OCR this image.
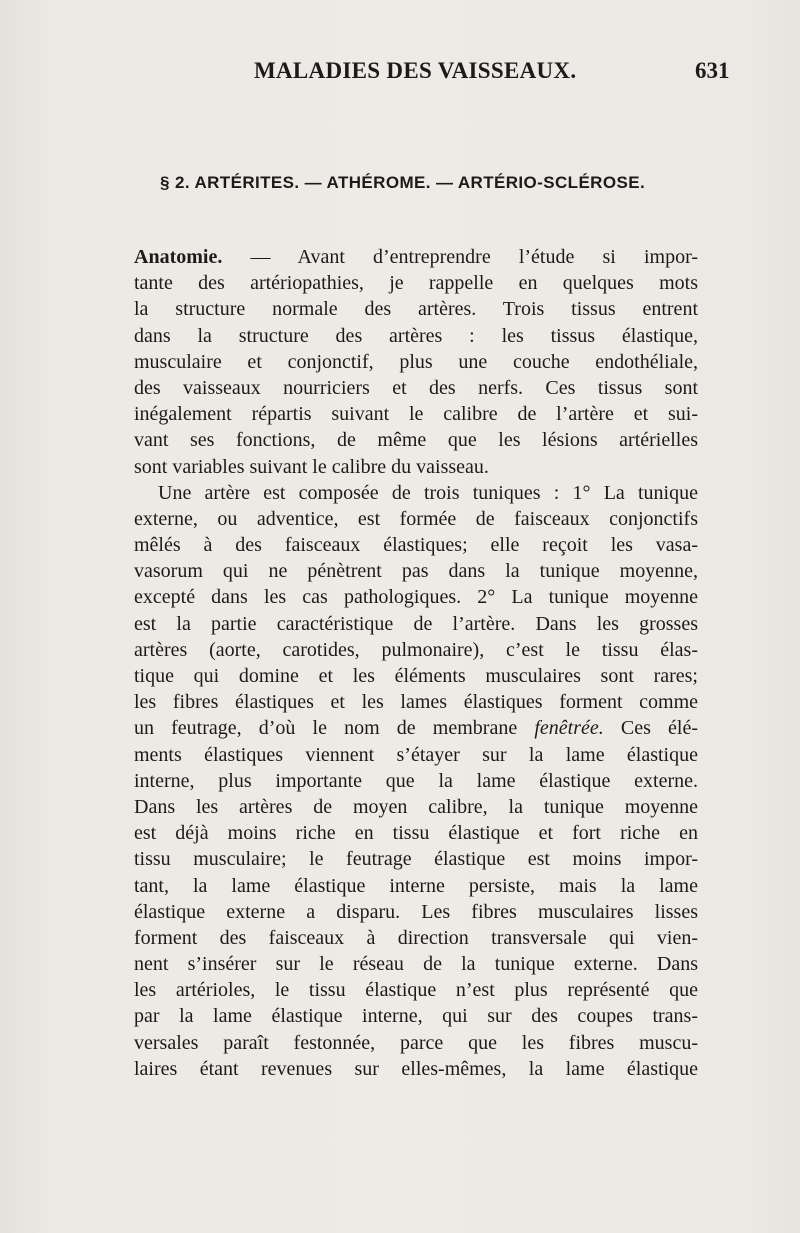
MALADIES DES VAISSEAUX.	631
§ 2. ARTÉRITES. — ATHÉROME. — ARTÉRIO-SCLÉROSE.
Anatomie. — Avant d’entreprendre l’étude si impor-
tante des artériopathies, je rappelle en quelques mots
la structure normale des artères. Trois tissus entrent
dans la structure des artères : les tissus élastique,
musculaire et conjonctif, plus une couche endothéliale,
des vaisseaux nourriciers et des nerfs. Ces tissus sont
inégalement répartis suivant le calibre de l’artère et sui-
vant ses fonctions, de même que les lésions artérielles
sont variables suivant le calibre du vaisseau.
Une artère est composée de trois tuniques : 1° La tunique
externe, ou adventice, est formée de faisceaux conjonctifs
mêlés à des faisceaux élastiques; elle reçoit les vasa-
vasorum qui ne pénètrent pas dans la tunique moyenne,
excepté dans les cas pathologiques. 2° La tunique moyenne
est la partie caractéristique de l’artère. Dans les grosses
artères (aorte, carotides, pulmonaire), c’est le tissu élas-
tique qui domine et les éléments musculaires sont rares;
les fibres élastiques et les lames élastiques forment comme
un feutrage, d’où le nom de membrane fenêtrée. Ces élé-
ments élastiques viennent s’étayer sur la lame élastique
interne, plus importante que la lame élastique externe.
Dans les artères de moyen calibre, la tunique moyenne
est déjà moins riche en tissu élastique et fort riche en
tissu musculaire; le feutrage élastique est moins impor-
tant, la lame élastique interne persiste, mais la lame
élastique externe a disparu. Les fibres musculaires lisses
forment des faisceaux à direction transversale qui vien-
nent s’insérer sur le réseau de la tunique externe. Dans
les artérioles, le tissu élastique n’est plus représenté que
par la lame élastique interne, qui sur des coupes trans-
versales paraît festonnée, parce que les fibres muscu-
laires étant revenues sur elles-mêmes, la lame élastique
